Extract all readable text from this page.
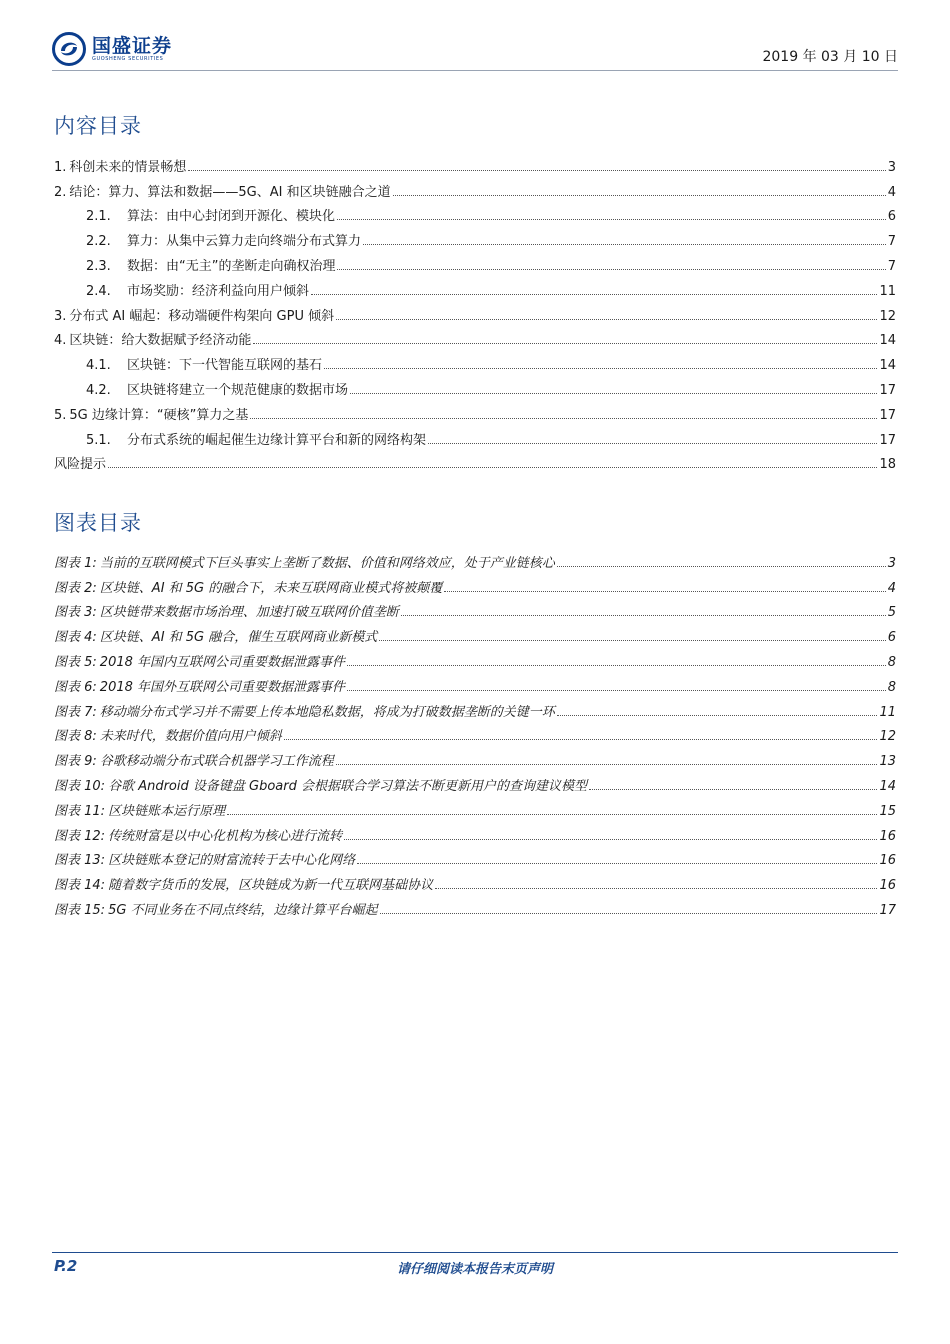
国盛证券
GUOSHENG SECURITIES	2019 年 03 月 10 日
内容目录
1. 科创未来的情景畅想	3
2. 结论：算力、算法和数据——5G、AI 和区块链融合之道	4
2.1.	算法：由中心封闭到开源化、模块化	6
2.2.	算力：从集中云算力走向终端分布式算力	7
2.3.	数据：由“无主”的垄断走向确权治理	7
2.4.	市场奖励：经济利益向用户倾斜	11
3. 分布式 AI 崛起：移动端硬件构架向 GPU 倾斜	12
4. 区块链：给大数据赋予经济动能	14
4.1.	区块链：下一代智能互联网的基石	14
4.2.	区块链将建立一个规范健康的数据市场	17
5. 5G 边缘计算：“硬核”算力之基	17
5.1.	分布式系统的崛起催生边缘计算平台和新的网络构架	17
风险提示	18
图表目录
图表 1: 当前的互联网模式下巨头事实上垄断了数据、价值和网络效应，处于产业链核心	3
图表 2: 区块链、AI 和 5G 的融合下，未来互联网商业模式将被颠覆	4
图表 3: 区块链带来数据市场治理、加速打破互联网价值垄断	5
图表 4: 区块链、AI 和 5G 融合，催生互联网商业新模式	6
图表 5: 2018 年国内互联网公司重要数据泄露事件	8
图表 6: 2018 年国外互联网公司重要数据泄露事件	8
图表 7: 移动端分布式学习并不需要上传本地隐私数据，将成为打破数据垄断的关键一环	11
图表 8: 未来时代，数据价值向用户倾斜	12
图表 9: 谷歌移动端分布式联合机器学习工作流程	13
图表 10: 谷歌 Android 设备键盘 Gboard 会根据联合学习算法不断更新用户的查询建议模型	14
图表 11: 区块链账本运行原理	15
图表 12: 传统财富是以中心化机构为核心进行流转	16
图表 13: 区块链账本登记的财富流转于去中心化网络	16
图表 14: 随着数字货币的发展，区块链成为新一代互联网基础协议	16
图表 15: 5G 不同业务在不同点终结，边缘计算平台崛起	17
P.2	请仔细阅读本报告末页声明
